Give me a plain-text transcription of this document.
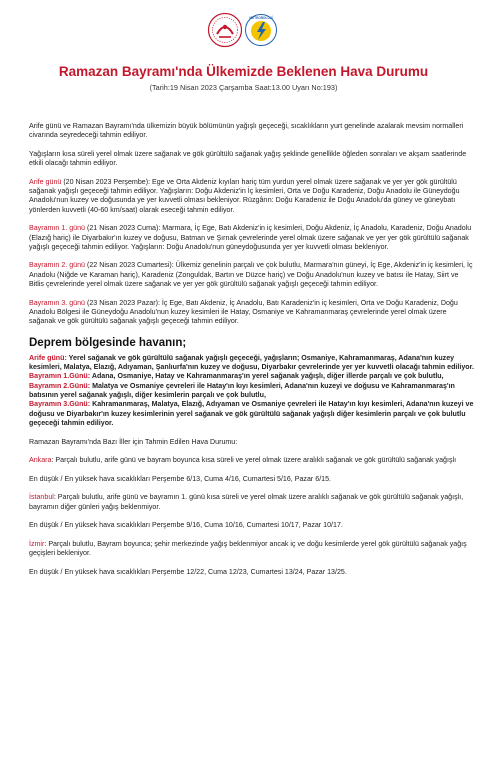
METEOROLOJİ
Ramazan Bayramı'nda Ülkemizde Beklenen Hava Durumu
(Tarih:19 Nisan 2023 Çarşamba Saat:13.00 Uyarı No:193)

Arife günü ve Ramazan Bayramı'nda ülkemizin büyük bölümünün yağışlı geçeceği, sıcaklıkların yurt genelinde azalarak mevsim normalleri civarında seyredeceği tahmin ediliyor.

Yağışların kısa süreli yerel olmak üzere sağanak ve gök gürültülü sağanak yağış şeklinde genellikle öğleden sonraları ve akşam saatlerinde etkili olacağı tahmin ediliyor.

Arife günü (20 Nisan 2023 Perşembe): Ege ve Orta Akdeniz kıyıları hariç tüm yurdun yerel olmak üzere sağanak ve yer yer gök gürültülü sağanak yağışlı geçeceği tahmin ediliyor. Yağışların: Doğu Akdeniz'in İç kesimleri, Orta ve Doğu Karadeniz, Doğu Anadolu ile Güneydoğu Anadolu'nun kuzey ve doğusunda ye yer kuvvetli olması bekleniyor. Rüzgârın: Doğu Karadeniz ile Doğu Anadolu'da güney ve güneybatı yönlerden kuvvetli (40-60 km/saat) olarak eseceği tahmin ediliyor.

Bayramın 1. günü (21 Nisan 2023 Cuma): Marmara, İç Ege, Batı Akdeniz'in iç kesimleri, Doğu Akdeniz, İç Anadolu, Karadeniz, Doğu Anadolu (Elazığ hariç) ile Diyarbakır'ın kuzey ve doğusu, Batman ve Şırnak çevrelerinde yerel olmak üzere sağanak ve yer yer gök gürültülü sağanak yağışlı geçeceği tahmin ediliyor. Yağışların: Doğu Anadolu'nun güneydoğusunda yer yer kuvvetli olması bekleniyor.

Bayramın 2. günü (22 Nisan 2023 Cumartesi): Ülkemiz genelinin parçalı ve çok bulutlu, Marmara'nın güneyi, İç Ege, Akdeniz'in iç kesimleri, İç Anadolu (Niğde ve Karaman hariç), Karadeniz (Zonguldak, Bartın ve Düzce hariç) ve Doğu Anadolu'nun kuzey ve batısı ile Hatay, Siirt ve Bitlis çevrelerinde yerel olmak üzere sağanak ve yer yer gök gürültülü sağanak yağışlı geçeceği tahmin ediliyor.

Bayramın 3. günü (23 Nisan 2023 Pazar): İç Ege, Batı Akdeniz, İç Anadolu, Batı Karadeniz'in iç kesimleri, Orta ve Doğu Karadeniz, Doğu Anadolu Bölgesi ile Güneydoğu Anadolu'nun kuzey kesimleri ile Hatay, Osmaniye ve Kahramanmaraş çevrelerinde yerel olmak üzere sağanak ve gök gürültülü sağanak yağışlı geçeceği tahmin ediliyor.

Deprem bölgesinde havanın;

Arife günü: Yerel sağanak ve gök gürültülü sağanak yağışlı geçeceği, yağışların; Osmaniye, Kahramanmaraş, Adana'nın kuzey kesimleri, Malatya, Elazığ, Adıyaman, Şanlıurfa'nın kuzey ve doğusu, Diyarbakır çevrelerinde yer yer kuvvetli olacağı tahmin ediliyor.

Bayramın 1.Günü: Adana, Osmaniye, Hatay ve Kahramanmaraş'ın yerel sağanak yağışlı, diğer illerde parçalı ve çok bulutlu,

Bayramın 2.Günü: Malatya ve Osmaniye çevreleri ile Hatay'ın kıyı kesimleri, Adana'nın kuzeyi ve doğusu ve Kahramanmaraş'ın batısının yerel sağanak yağışlı, diğer kesimlerin parçalı ve çok bulutlu,

Bayramın 3.Günü: Kahramanmaraş, Malatya, Elazığ, Adıyaman ve Osmaniye çevreleri ile Hatay'ın kıyı kesimleri, Adana'nın kuzeyi ve doğusu ve Diyarbakır'ın kuzey kesimlerinin yerel sağanak ve gök gürültülü sağanak yağışlı diğer kesimlerin parçalı ve çok bulutlu geçeceği tahmin ediliyor.

Ramazan Bayramı'nda Bazı İller için Tahmin Edilen Hava Durumu:

Ankara: Parçalı bulutlu, arife günü ve bayram boyunca kısa süreli ve yerel olmak üzere aralıklı sağanak ve gök gürültülü sağanak yağışlı

En düşük / En yüksek hava sıcaklıkları Perşembe 6/13, Cuma 4/16, Cumartesi 5/16, Pazar 6/15.

İstanbul: Parçalı bulutlu, arife günü ve bayramın 1. günü kısa süreli ve yerel olmak üzere aralıklı sağanak ve gök gürültülü sağanak yağışlı, bayramın diğer günleri yağış beklenmiyor.

En düşük / En yüksek hava sıcaklıkları Perşembe 9/16, Cuma 10/16, Cumartesi 10/17, Pazar 10/17.

İzmir: Parçalı bulutlu, Bayram boyunca; şehir merkezinde yağış beklenmiyor ancak iç ve doğu kesimlerde yerel gök gürültülü sağanak yağış geçişleri bekleniyor.

En düşük / En yüksek hava sıcaklıkları Perşembe 12/22, Cuma 12/23, Cumartesi 13/24, Pazar 13/25.
